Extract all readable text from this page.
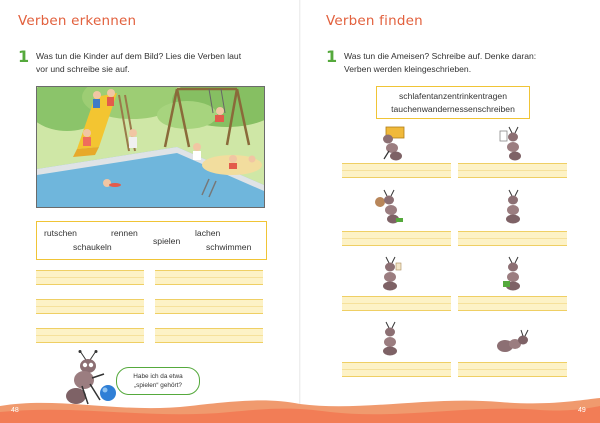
Verben erkennen
1 Was tun die Kinder auf dem Bild? Lies die Verben laut
vor und schreibe sie auf.
rutschen	rennen	lachen
schaukeln
spielen
schwimmen
Habe ich da etwa
„spielen“ gehört?
Verben finden
1 Was tun die Ameisen? Schreibe auf. Denke daran:
Verben werden kleingeschrieben.
schlafentanzentrinkentragen
tauchenwandernessenschreiben
48	49
